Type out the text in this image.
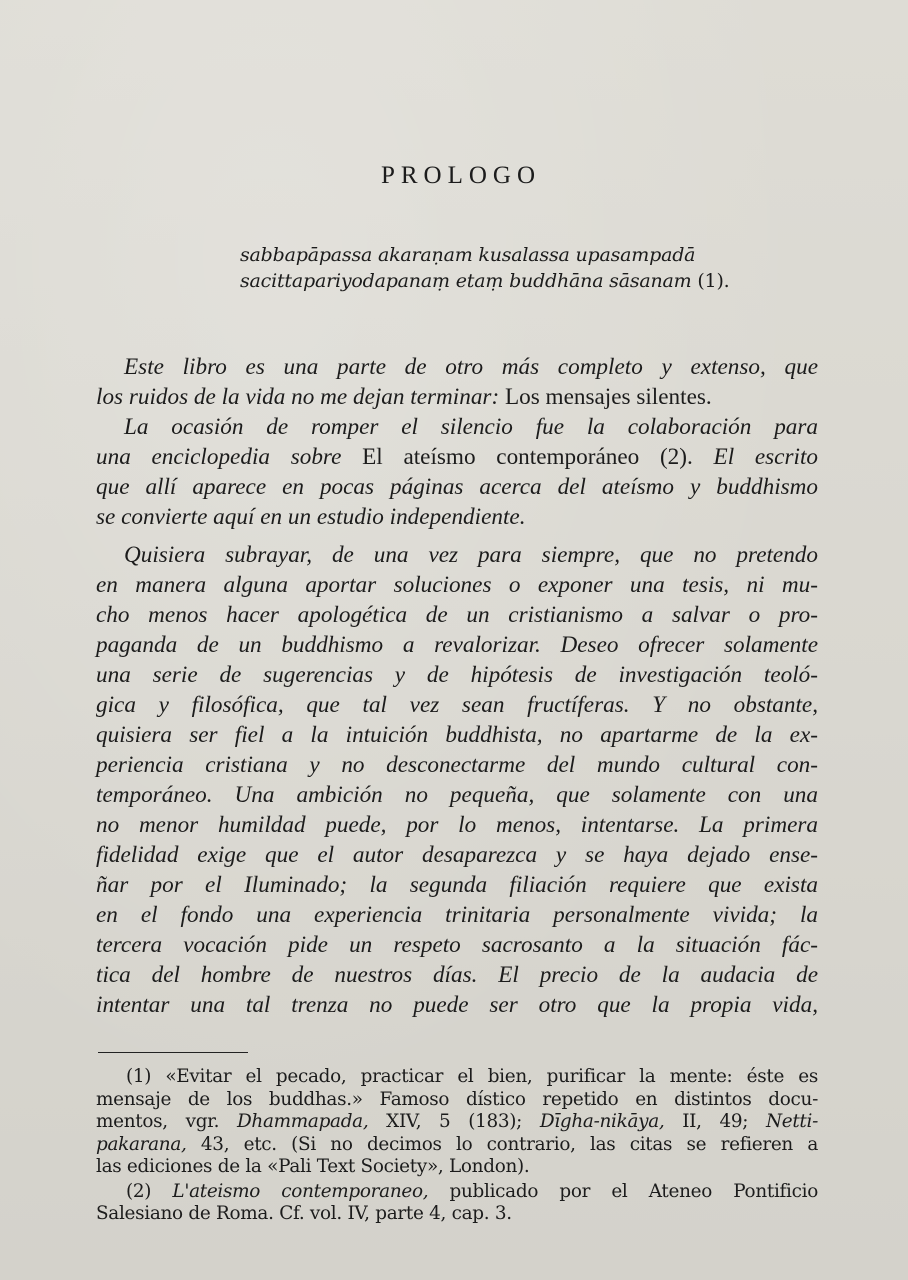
PROLOGO
sabbapāpassa akaraṇam kusalassa upasampadā
sacittapariyodapanaṃ etaṃ buddhāna sāsanam (1).
Este libro es una parte de otro más completo y extenso, que
los ruidos de la vida no me dejan terminar: Los mensajes silentes.
La ocasión de romper el silencio fue la colaboración para
una enciclopedia sobre El ateísmo contemporáneo (2). El escrito
que allí aparece en pocas páginas acerca del ateísmo y buddhismo
se convierte aquí en un estudio independiente.
Quisiera subrayar, de una vez para siempre, que no pretendo
en manera alguna aportar soluciones o exponer una tesis, ni mu-
cho menos hacer apologética de un cristianismo a salvar o pro-
paganda de un buddhismo a revalorizar. Deseo ofrecer solamente
una serie de sugerencias y de hipótesis de investigación teoló-
gica y filosófica, que tal vez sean fructíferas. Y no obstante,
quisiera ser fiel a la intuición buddhista, no apartarme de la ex-
periencia cristiana y no desconectarme del mundo cultural con-
temporáneo. Una ambición no pequeña, que solamente con una
no menor humildad puede, por lo menos, intentarse. La primera
fidelidad exige que el autor desaparezca y se haya dejado ense-
ñar por el Iluminado; la segunda filiación requiere que exista
en el fondo una experiencia trinitaria personalmente vivida; la
tercera vocación pide un respeto sacrosanto a la situación fác-
tica del hombre de nuestros días. El precio de la audacia de
intentar una tal trenza no puede ser otro que la propia vida,
(1) «Evitar el pecado, practicar el bien, purificar la mente: éste es
mensaje de los buddhas.» Famoso dístico repetido en distintos docu-
mentos, vgr. Dhammapada, XIV, 5 (183); Dīgha-nikāya, II, 49; Netti-
pakarana, 43, etc. (Si no decimos lo contrario, las citas se refieren a
las ediciones de la «Pali Text Society», London).
(2) L'ateismo contemporaneo, publicado por el Ateneo Pontificio
Salesiano de Roma. Cf. vol. IV, parte 4, cap. 3.
